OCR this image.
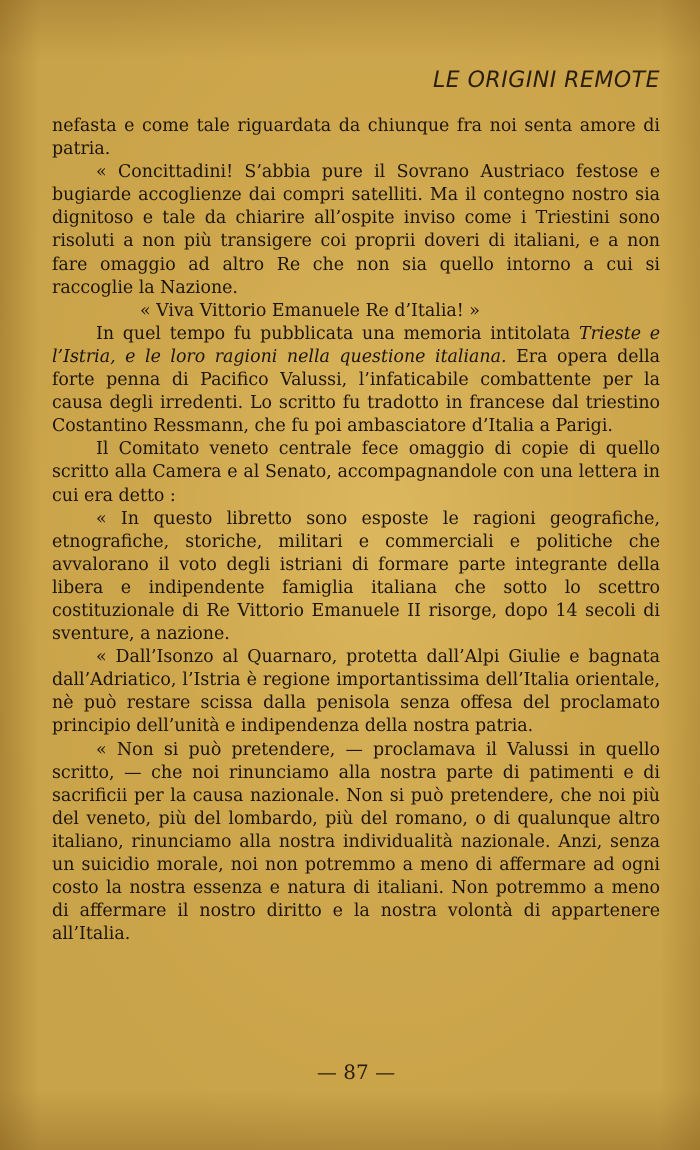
LE ORIGINI REMOTE

nefasta e come tale riguardata da chiunque fra noi senta amore di patria.

« Concittadini! S’abbia pure il Sovrano Austriaco festose e bugiarde accoglienze dai compri satelliti. Ma il contegno nostro sia dignitoso e tale da chiarire all’ospite inviso come i Triestini sono risoluti a non più transigere coi proprii doveri di italiani, e a non fare omaggio ad altro Re che non sia quello intorno a cui si raccoglie la Nazione.

« Viva Vittorio Emanuele Re d’Italia! »

In quel tempo fu pubblicata una memoria intitolata Trieste e l’Istria, e le loro ragioni nella questione italiana. Era opera della forte penna di Pacifico Valussi, l’infaticabile combattente per la causa degli irredenti. Lo scritto fu tradotto in francese dal triestino Costantino Ressmann, che fu poi ambasciatore d’Italia a Parigi.

Il Comitato veneto centrale fece omaggio di copie di quello scritto alla Camera e al Senato, accompagnandole con una lettera in cui era detto :

« In questo libretto sono esposte le ragioni geografiche, etnografiche, storiche, militari e commerciali e politiche che avvalorano il voto degli istriani di formare parte integrante della libera e indipendente famiglia italiana che sotto lo scettro costituzionale di Re Vittorio Emanuele II risorge, dopo 14 secoli di sventure, a nazione.

« Dall’Isonzo al Quarnaro, protetta dall’Alpi Giulie e bagnata dall’Adriatico, l’Istria è regione importantissima dell’Italia orientale, nè può restare scissa dalla penisola senza offesa del proclamato principio dell’unità e indipendenza della nostra patria.

« Non si può pretendere, — proclamava il Valussi in quello scritto, — che noi rinunciamo alla nostra parte di patimenti e di sacrificii per la causa nazionale. Non si può pretendere, che noi più del veneto, più del lombardo, più del romano, o di qualunque altro italiano, rinunciamo alla nostra individualità nazionale. Anzi, senza un suicidio morale, noi non potremmo a meno di affermare ad ogni costo la nostra essenza e natura di italiani. Non potremmo a meno di affermare il nostro diritto e la nostra volontà di appartenere all’Italia.

— 87 —
